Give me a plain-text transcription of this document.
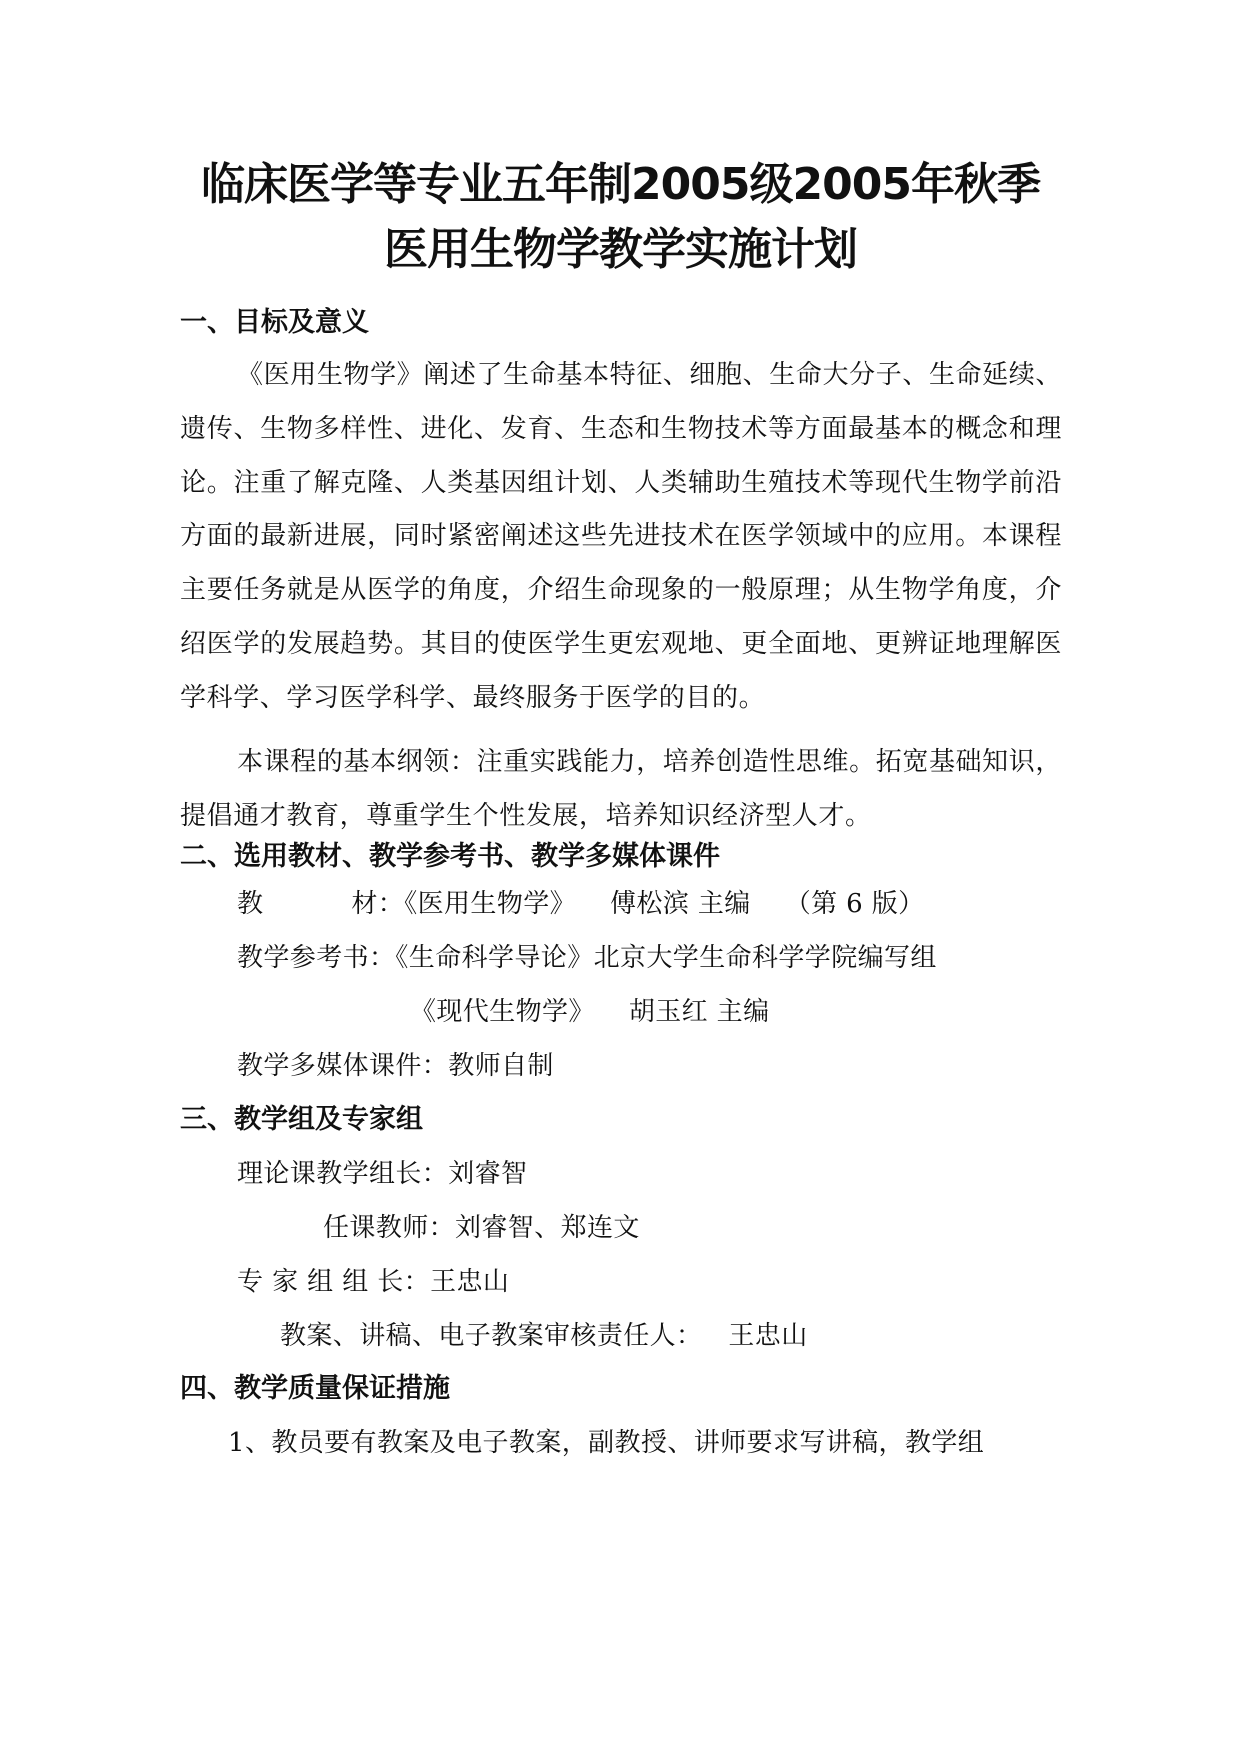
临床医学等专业五年制2005级2005年秋季
医用生物学教学实施计划
一、目标及意义

《医用生物学》阐述了生命基本特征、细胞、生命大分子、生命延续、遗传、生物多样性、进化、发育、生态和生物技术等方面最基本的概念和理论。注重了解克隆、人类基因组计划、人类辅助生殖技术等现代生物学前沿方面的最新进展，同时紧密阐述这些先进技术在医学领域中的应用。本课程主要任务就是从医学的角度，介绍生命现象的一般原理；从生物学角度，介绍医学的发展趋势。其目的使医学生更宏观地、更全面地、更辨证地理解医学科学、学习医学科学、最终服务于医学的目的。

本课程的基本纲领：注重实践能力，培养创造性思维。拓宽基础知识，提倡通才教育，尊重学生个性发展，培养知识经济型人才。

二、选用教材、教学参考书、教学多媒体课件
教	材：《医用生物学》 傅松滨 主编 （第 6 版）
教学参考书：《生命科学导论》北京大学生命科学学院编写组
《现代生物学》 胡玉红 主编
教学多媒体课件：教师自制
三、教学组及专家组
理论课教学组长：刘睿智
任课教师：刘睿智、郑连文
专 家 组 组 长：王忠山
教案、讲稿、电子教案审核责任人： 王忠山
四、教学质量保证措施
1、教员要有教案及电子教案，副教授、讲师要求写讲稿，教学组
